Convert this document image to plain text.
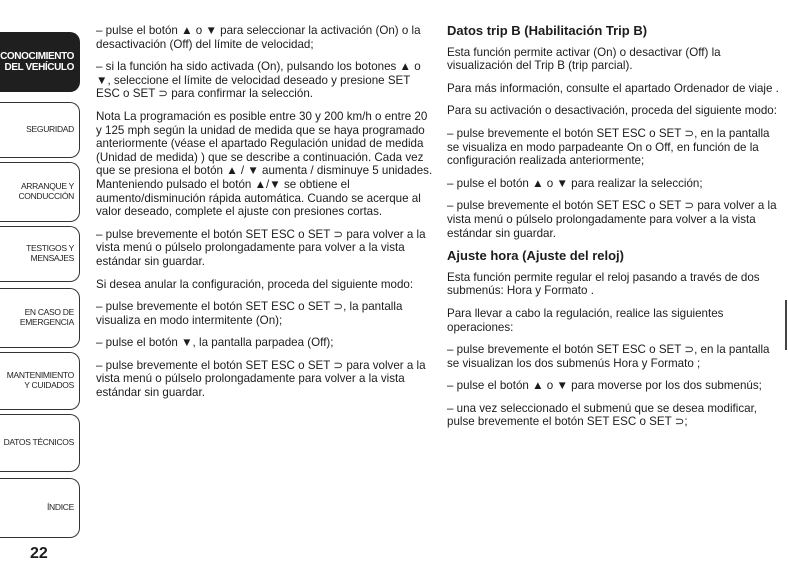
CONOCIMIENTO DEL VEHÍCULO
SEGURIDAD
ARRANQUE Y CONDUCCIÓN
TESTIGOS Y MENSAJES
EN CASO DE EMERGENCIA
MANTENIMIENTO Y CUIDADOS
DATOS TÉCNICOS
ÍNDICE
22

– pulse el botón ▲ o ▼ para seleccionar la activación (On) o la desactivación (Off) del límite de velocidad;

– si la función ha sido activada (On), pulsando los botones ▲ o ▼, seleccione el límite de velocidad deseado y presione SET ESC o SET ⊃ para confirmar la selección.

Nota La programación es posible entre 30 y 200 km/h o entre 20 y 125 mph según la unidad de medida que se haya programado anteriormente (véase el apartado Regulación unidad de medida (Unidad de medida) ) que se describe a continuación. Cada vez que se presiona el botón ▲ / ▼ aumenta / disminuye 5 unidades. Manteniendo pulsado el botón ▲/▼ se obtiene el aumento/disminución rápida automática. Cuando se acerque al valor deseado, complete el ajuste con presiones cortas.

– pulse brevemente el botón SET ESC o SET ⊃ para volver a la vista menú o púlselo prolongadamente para volver a la vista estándar sin guardar.

Si desea anular la configuración, proceda del siguiente modo:

– pulse brevemente el botón SET ESC o SET ⊃, la pantalla visualiza en modo intermitente (On);

– pulse el botón ▼, la pantalla parpadea (Off);

– pulse brevemente el botón SET ESC o SET ⊃ para volver a la vista menú o púlselo prolongadamente para volver a la vista estándar sin guardar.

Datos trip B (Habilitación Trip B)

Esta función permite activar (On) o desactivar (Off) la visualización del Trip B (trip parcial).

Para más información, consulte el apartado Ordenador de viaje .

Para su activación o desactivación, proceda del siguiente modo:

– pulse brevemente el botón SET ESC o SET ⊃, en la pantalla se visualiza en modo parpadeante On o Off, en función de la configuración realizada anteriormente;

– pulse el botón ▲ o ▼ para realizar la selección;

– pulse brevemente el botón SET ESC o SET ⊃ para volver a la vista menú o púlselo prolongadamente para volver a la vista estándar sin guardar.

Ajuste hora (Ajuste del reloj)

Esta función permite regular el reloj pasando a través de dos submenús: Hora y Formato .

Para llevar a cabo la regulación, realice las siguientes operaciones:

– pulse brevemente el botón SET ESC o SET ⊃, en la pantalla se visualizan los dos submenús Hora y Formato ;

– pulse el botón ▲ o ▼ para moverse por los dos submenús;

– una vez seleccionado el submenú que se desea modificar, pulse brevemente el botón SET ESC o SET ⊃;
